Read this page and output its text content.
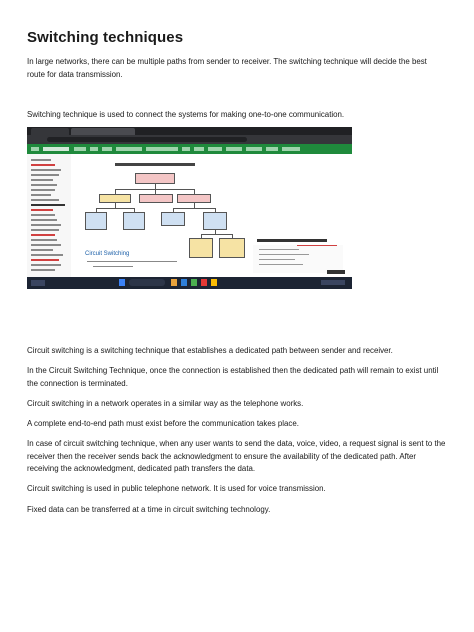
Switching techniques
In large networks, there can be multiple paths from sender to receiver. The switching technique will decide the best route for data transmission.
Switching technique is used to connect the systems for making one-to-one communication.
Circuit Switching
Circuit switching is a switching technique that establishes a dedicated path between sender and receiver.
In the Circuit Switching Technique, once the connection is established then the dedicated path will remain to exist until the connection is terminated.
Circuit switching in a network operates in a similar way as the telephone works.
A complete end-to-end path must exist before the communication takes place.
In case of circuit switching technique, when any user wants to send the data, voice, video, a request signal is sent to the receiver then the receiver sends back the acknowledgment to ensure the availability of the dedicated path. After receiving the acknowledgment, dedicated path transfers the data.
Circuit switching is used in public telephone network. It is used for voice transmission.
Fixed data can be transferred at a time in circuit switching technology.
